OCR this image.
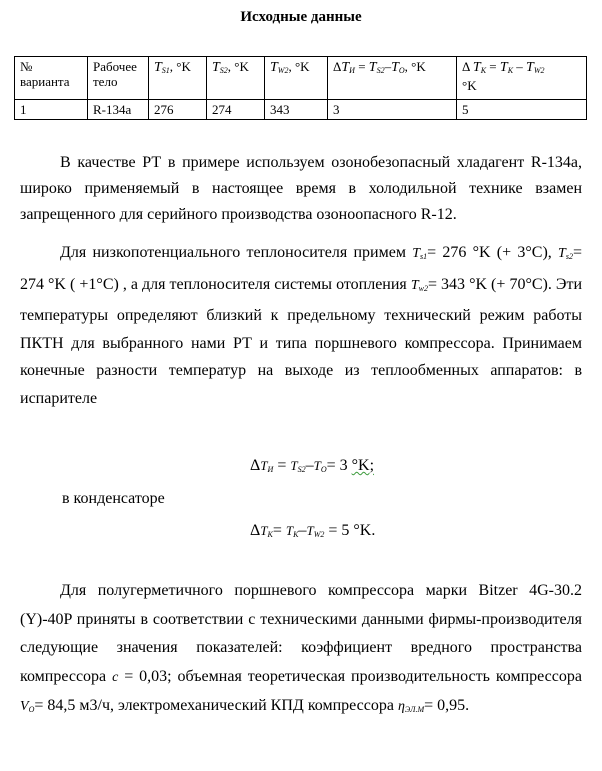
Исходные данные
№ варианта	Рабочее тело	$T_{S1}$, °K	$T_{S2}$, °K	$T_{W2}$, °K	$\Delta T_И = T_{S2}-T_O$, °K	Δ $T_K = T_K - T_{W2}$
°K
1	R-134a	276	274	343	3	5
В качестве РТ в примере используем озонобезопасный хладагент R-134а, широко применяемый в настоящее время в холодильной технике взамен запрещенного для серийного производства озоноопасного R-12.
Для низкопотенциального теплоносителя примем $T_{s1}= 276$ °K (+ 3°C), $T_{s2}= 274$ °K ( +1°C) , а для теплоносителя системы отопления $T_{w2}= 343$ °K (+ 70°C). Эти температуры определяют близкий к предельному технический режим работы ПКТН для выбранного нами РТ и типа поршневого компрессора. Принимаем конечные разности температур на выходе из теплообменных аппаратов: в испарителе
$\Delta T_И = T_{S2}-T_O= 3$ °K;
в конденсаторе
$\Delta T_К= T_K-T_{W2} = 5$ °K.
Для полугерметичного поршневого компрессора марки Bitzer 4G-30.2 (Y)-40P приняты в соответствии с техническими данными фирмы-производителя следующие значения показателей: коэффициент вредного пространства компрессора c = 0,03; объемная теоретическая производительность компрессора $V_O= 84,5$ м3/ч, электромеханический КПД компрессора $\eta_{ЭЛ.М}= 0,95$.
